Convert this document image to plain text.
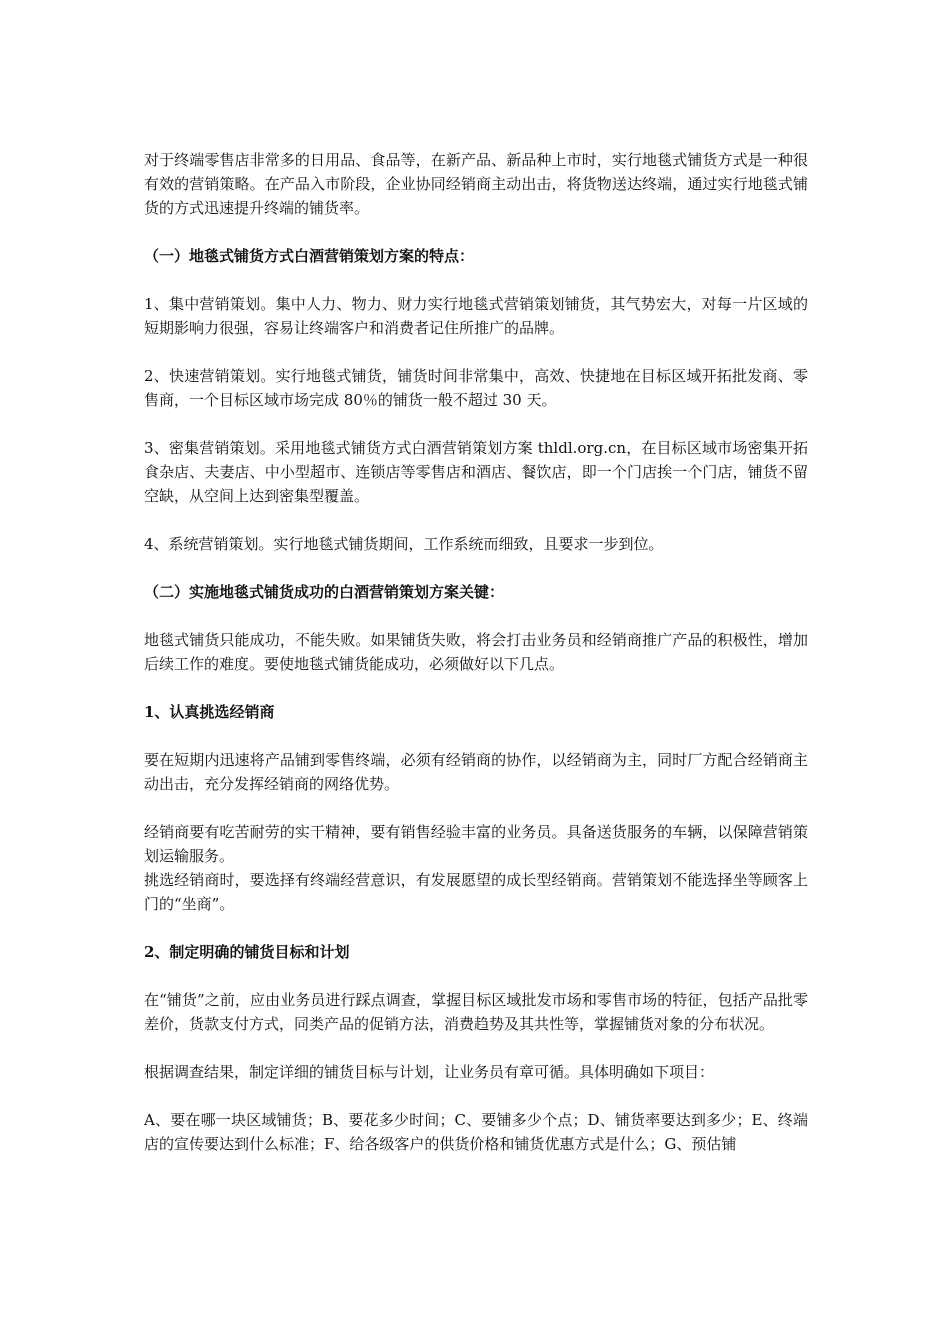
对于终端零售店非常多的日用品、食品等，在新产品、新品种上市时，实行地毯式铺货方式是一种很有效的营销策略。在产品入市阶段，企业协同经销商主动出击，将货物送达终端，通过实行地毯式铺货的方式迅速提升终端的铺货率。

（一）地毯式铺货方式白酒营销策划方案的特点：

1、集中营销策划。集中人力、物力、财力实行地毯式营销策划铺货，其气势宏大，对每一片区域的短期影响力很强，容易让终端客户和消费者记住所推广的品牌。

2、快速营销策划。实行地毯式铺货，铺货时间非常集中，高效、快捷地在目标区域开拓批发商、零售商，一个目标区域市场完成 80％的铺货一般不超过 30 天。

3、密集营销策划。采用地毯式铺货方式白酒营销策划方案 thldl.org.cn，在目标区域市场密集开拓食杂店、夫妻店、中小型超市、连锁店等零售店和酒店、餐饮店，即一个门店挨一个门店，铺货不留空缺，从空间上达到密集型覆盖。

4、系统营销策划。实行地毯式铺货期间，工作系统而细致，且要求一步到位。

（二）实施地毯式铺货成功的白酒营销策划方案关键：

地毯式铺货只能成功，不能失败。如果铺货失败，将会打击业务员和经销商推广产品的积极性，增加后续工作的难度。要使地毯式铺货能成功，必须做好以下几点。

1、认真挑选经销商

要在短期内迅速将产品铺到零售终端，必须有经销商的协作，以经销商为主，同时厂方配合经销商主动出击，充分发挥经销商的网络优势。

经销商要有吃苦耐劳的实干精神，要有销售经验丰富的业务员。具备送货服务的车辆，以保障营销策划运输服务。

挑选经销商时，要选择有终端经营意识，有发展愿望的成长型经销商。营销策划不能选择坐等顾客上门的“坐商”。

2、制定明确的铺货目标和计划

在“铺货”之前，应由业务员进行踩点调查，掌握目标区域批发市场和零售市场的特征，包括产品批零差价，货款支付方式，同类产品的促销方法，消费趋势及其共性等，掌握铺货对象的分布状况。

根据调查结果，制定详细的铺货目标与计划，让业务员有章可循。具体明确如下项目：

A、要在哪一块区域铺货；B、要花多少时间；C、要铺多少个点；D、铺货率要达到多少；E、终端店的宣传要达到什么标准；F、给各级客户的供货价格和铺货优惠方式是什么；G、预估铺
